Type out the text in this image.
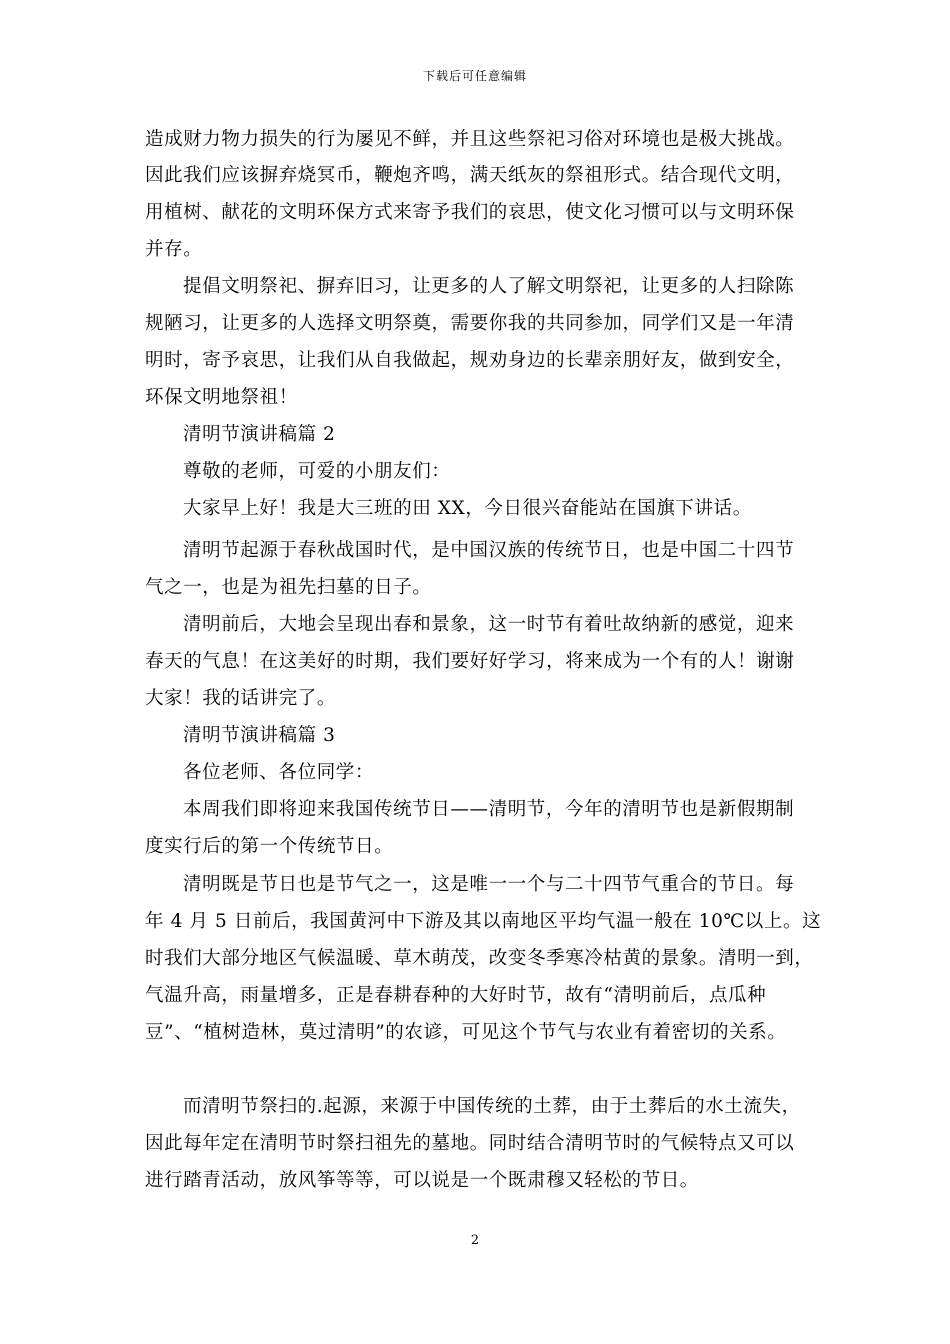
下载后可任意编辑
造成财力物力损失的行为屡见不鲜，并且这些祭祀习俗对环境也是极大挑战。
因此我们应该摒弃烧冥币，鞭炮齐鸣，满天纸灰的祭祖形式。结合现代文明，
用植树、献花的文明环保方式来寄予我们的哀思，使文化习惯可以与文明环保
并存。
提倡文明祭祀、摒弃旧习，让更多的人了解文明祭祀，让更多的人扫除陈
规陋习，让更多的人选择文明祭奠，需要你我的共同参加，同学们又是一年清
明时，寄予哀思，让我们从自我做起，规劝身边的长辈亲朋好友，做到安全，
环保文明地祭祖！
清明节演讲稿篇 2
尊敬的老师，可爱的小朋友们：
大家早上好！我是大三班的田 XX，今日很兴奋能站在国旗下讲话。
清明节起源于春秋战国时代，是中国汉族的传统节日，也是中国二十四节
气之一，也是为祖先扫墓的日子。
清明前后，大地会呈现出春和景象，这一时节有着吐故纳新的感觉，迎来
春天的气息！在这美好的时期，我们要好好学习，将来成为一个有的人！谢谢
大家！我的话讲完了。
清明节演讲稿篇 3
各位老师、各位同学：
本周我们即将迎来我国传统节日——清明节，今年的清明节也是新假期制
度实行后的第一个传统节日。
清明既是节日也是节气之一，这是唯一一个与二十四节气重合的节日。每
年 4 月 5 日前后，我国黄河中下游及其以南地区平均气温一般在 10℃以上。这
时我们大部分地区气候温暖、草木萌茂，改变冬季寒冷枯黄的景象。清明一到，
气温升高，雨量增多，正是春耕春种的大好时节，故有“清明前后，点瓜种
豆”、“植树造林，莫过清明”的农谚，可见这个节气与农业有着密切的关系。
而清明节祭扫的.起源，来源于中国传统的土葬，由于土葬后的水土流失，
因此每年定在清明节时祭扫祖先的墓地。同时结合清明节时的气候特点又可以
进行踏青活动，放风筝等等，可以说是一个既肃穆又轻松的节日。
2
